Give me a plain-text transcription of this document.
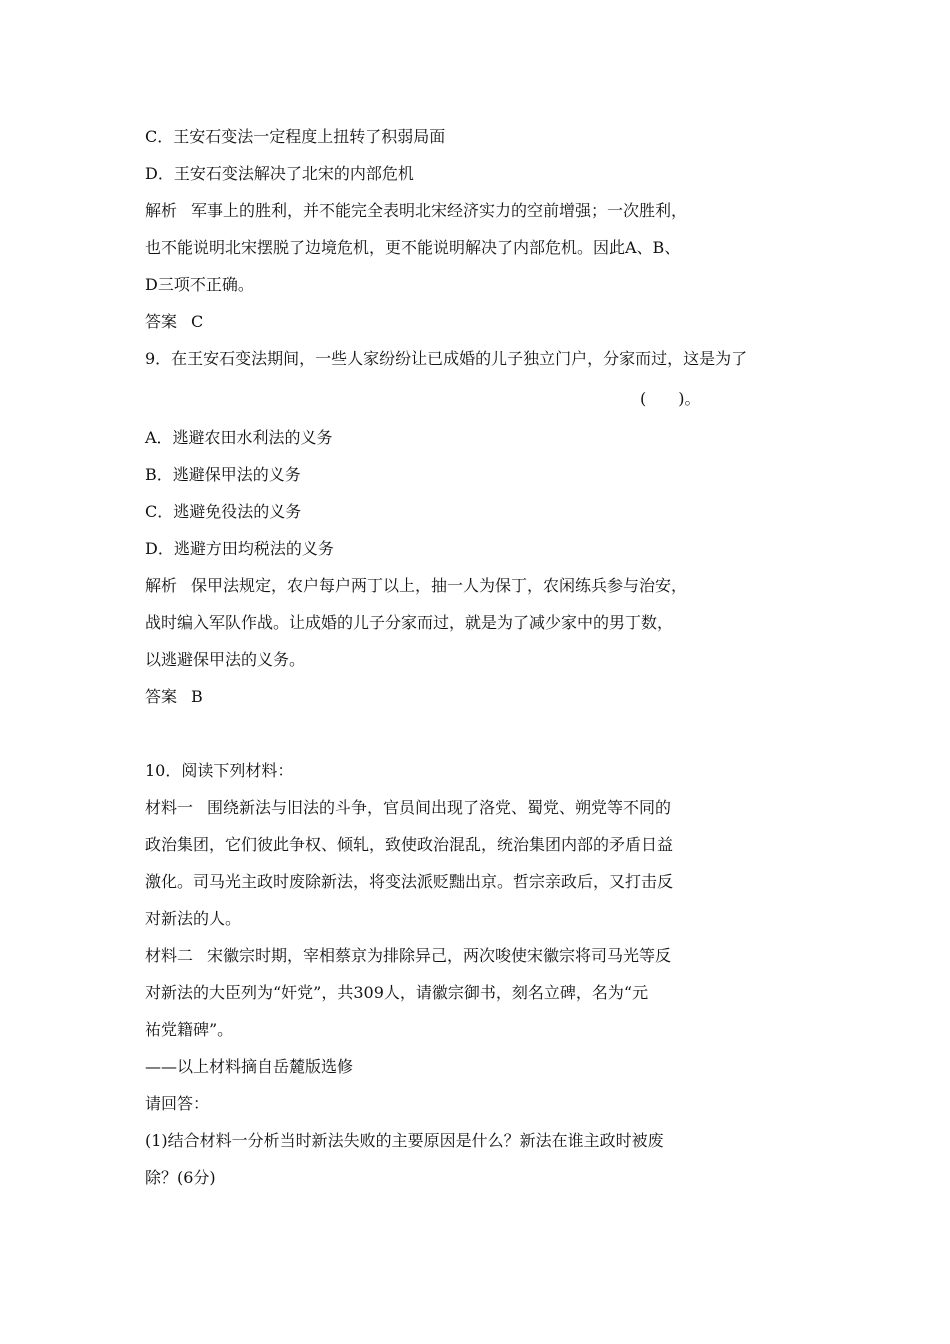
C．王安石变法一定程度上扭转了积弱局面
D．王安石变法解决了北宋的内部危机
解析 军事上的胜利，并不能完全表明北宋经济实力的空前增强；一次胜利，
也不能说明北宋摆脱了边境危机，更不能说明解决了内部危机。因此A、B、
D三项不正确。
答案 C
9．在王安石变法期间，一些人家纷纷让已成婚的儿子独立门户，分家而过，这是为了
(　　)。
A．逃避农田水利法的义务
B．逃避保甲法的义务
C．逃避免役法的义务
D．逃避方田均税法的义务
解析 保甲法规定，农户每户两丁以上，抽一人为保丁，农闲练兵参与治安，
战时编入军队作战。让成婚的儿子分家而过，就是为了减少家中的男丁数，
以逃避保甲法的义务。
答案 B
10．阅读下列材料：
材料一 围绕新法与旧法的斗争，官员间出现了洛党、蜀党、朔党等不同的
政治集团，它们彼此争权、倾轧，致使政治混乱，统治集团内部的矛盾日益
激化。司马光主政时废除新法，将变法派贬黜出京。哲宗亲政后，又打击反
对新法的人。
材料二 宋徽宗时期，宰相蔡京为排除异己，两次唆使宋徽宗将司马光等反
对新法的大臣列为“奸党”，共309人，请徽宗御书，刻名立碑，名为“元
祐党籍碑”。
——以上材料摘自岳麓版选修
请回答：
(1)结合材料一分析当时新法失败的主要原因是什么？新法在谁主政时被废
除？(6分)
